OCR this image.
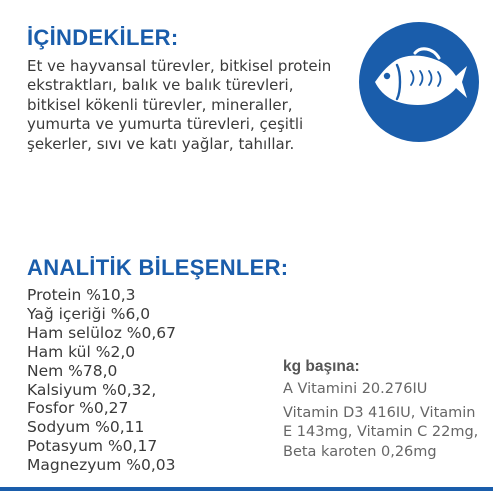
İÇİNDEKİLER:

Et ve hayvansal türevler, bitkisel protein ekstraktları, balık ve balık türevleri, bitkisel kökenli türevler, mineraller, yumurta ve yumurta türevleri, çeşitli şekerler, sıvı ve katı yağlar, tahıllar.

ANALİTİK BİLEŞENLER:
Protein %10,3
Yağ içeriği %6,0
Ham selüloz %0,67
Ham kül %2,0
Nem %78,0
Kalsiyum %0,32,
Fosfor %0,27
Sodyum %0,11
Potasyum %0,17
Magnezyum %0,03
kg başına:
A Vitamini 20.276IU
Vitamin D3 416IU, Vitamin E 143mg, Vitamin C 22mg, Beta karoten 0,26mg
